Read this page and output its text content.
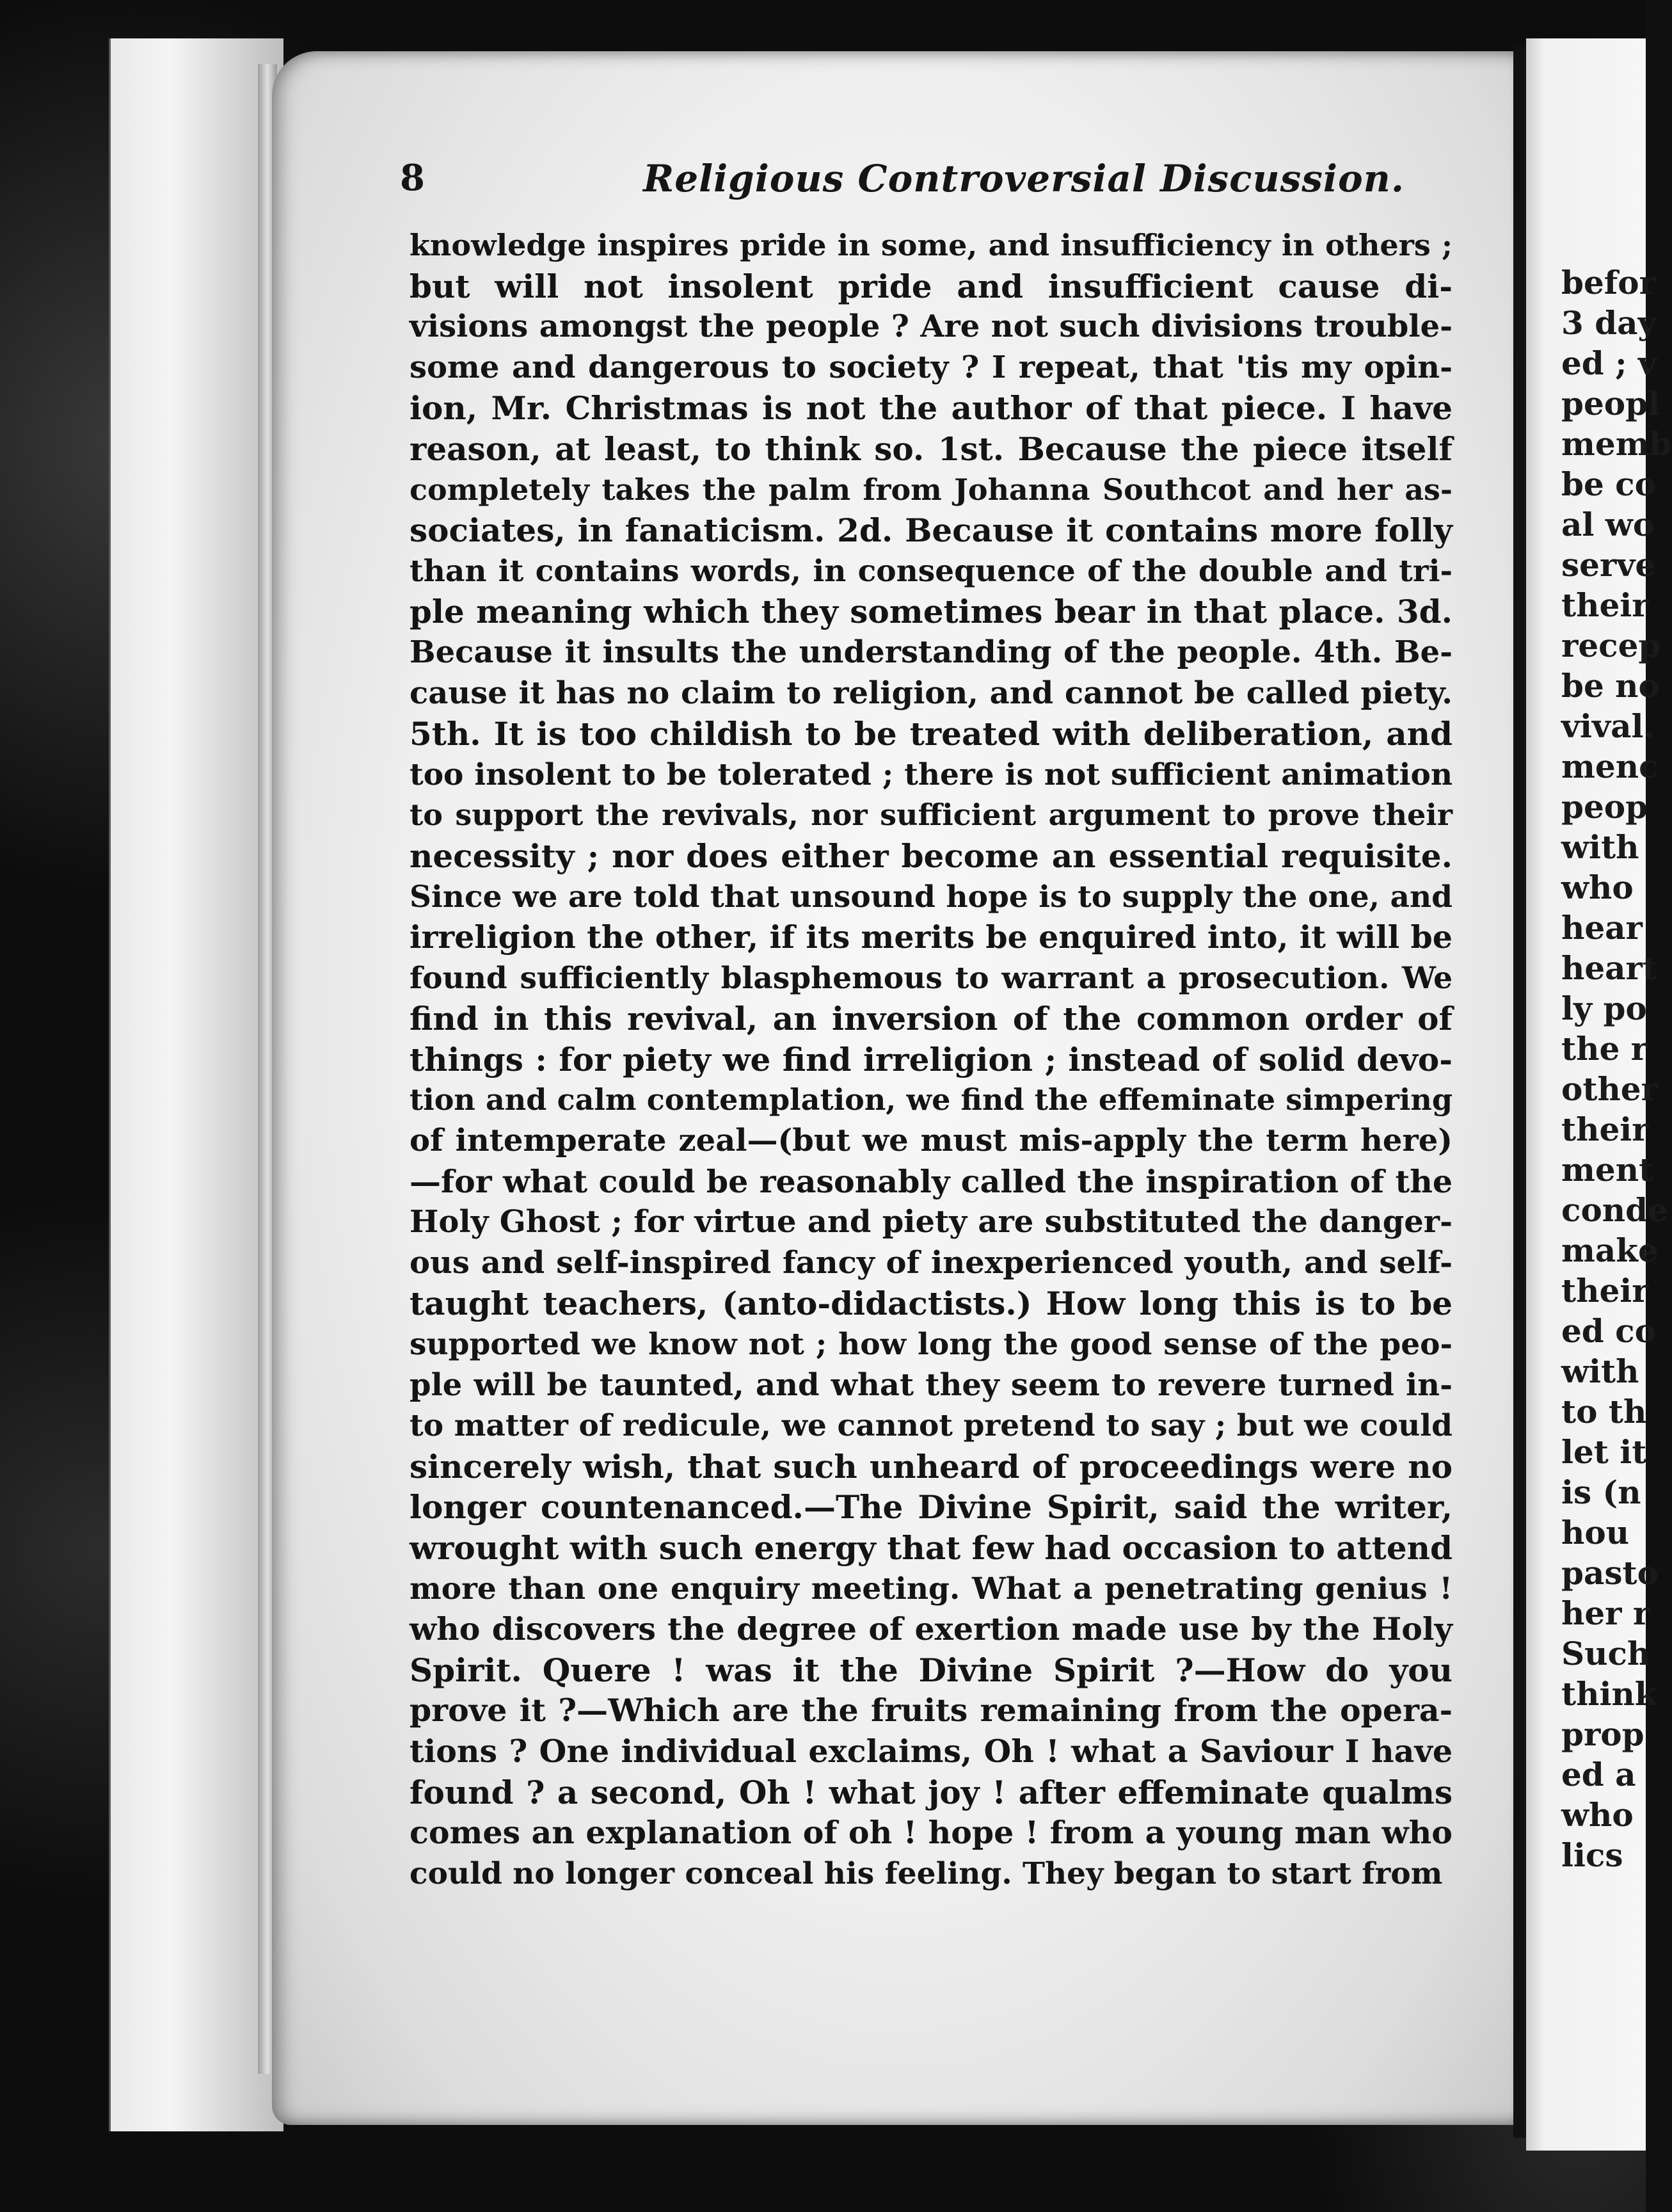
8	Religious Controversial Discussion.
knowledge inspires pride in some, and insufficiency in others ;
but will not insolent pride and insufficient cause di-
visions amongst the people ? Are not such divisions trouble-
some and dangerous to society ? I repeat, that 'tis my opin-
ion, Mr. Christmas is not the author of that piece. I have
reason, at least, to think so. 1st. Because the piece itself
completely takes the palm from Johanna Southcot and her as-
sociates, in fanaticism. 2d. Because it contains more folly
than it contains words, in consequence of the double and tri-
ple meaning which they sometimes bear in that place. 3d.
Because it insults the understanding of the people. 4th. Be-
cause it has no claim to religion, and cannot be called piety.
5th. It is too childish to be treated with deliberation, and
too insolent to be tolerated ; there is not sufficient animation
to support the revivals, nor sufficient argument to prove their
necessity ; nor does either become an essential requisite.
Since we are told that unsound hope is to supply the one, and
irreligion the other, if its merits be enquired into, it will be
found sufficiently blasphemous to warrant a prosecution. We
find in this revival, an inversion of the common order of
things : for piety we find irreligion ; instead of solid devo-
tion and calm contemplation, we find the effeminate simpering
of intemperate zeal—(but we must mis-apply the term here)
—for what could be reasonably called the inspiration of the
Holy Ghost ; for virtue and piety are substituted the danger-
ous and self-inspired fancy of inexperienced youth, and self-
taught teachers, (anto-didactists.) How long this is to be
supported we know not ; how long the good sense of the peo-
ple will be taunted, and what they seem to revere turned in-
to matter of redicule, we cannot pretend to say ; but we could
sincerely wish, that such unheard of proceedings were no
longer countenanced.—The Divine Spirit, said the writer,
wrought with such energy that few had occasion to attend
more than one enquiry meeting. What a penetrating genius !
who discovers the degree of exertion made use by the Holy
Spirit. Quere ! was it the Divine Spirit ?—How do you
prove it ?—Which are the fruits remaining from the opera-
tions ? One individual exclaims, Oh ! what a Saviour I have
found ? a second, Oh ! what joy ! after effeminate qualms
comes an explanation of oh ! hope ! from a young man who
could no longer conceal his feeling. They began to start from
befor
3 day
ed ; v
peopl
memb
be co
al wo
serve
their
recep
be no
vival.
menc
peop
with
who
hear
heart
ly po
the r
other
their
ment
conde
make
their
ed co
with
to th
let it
is (n
hou
pasto
her r
Such
think
prop
ed a
who
lics
